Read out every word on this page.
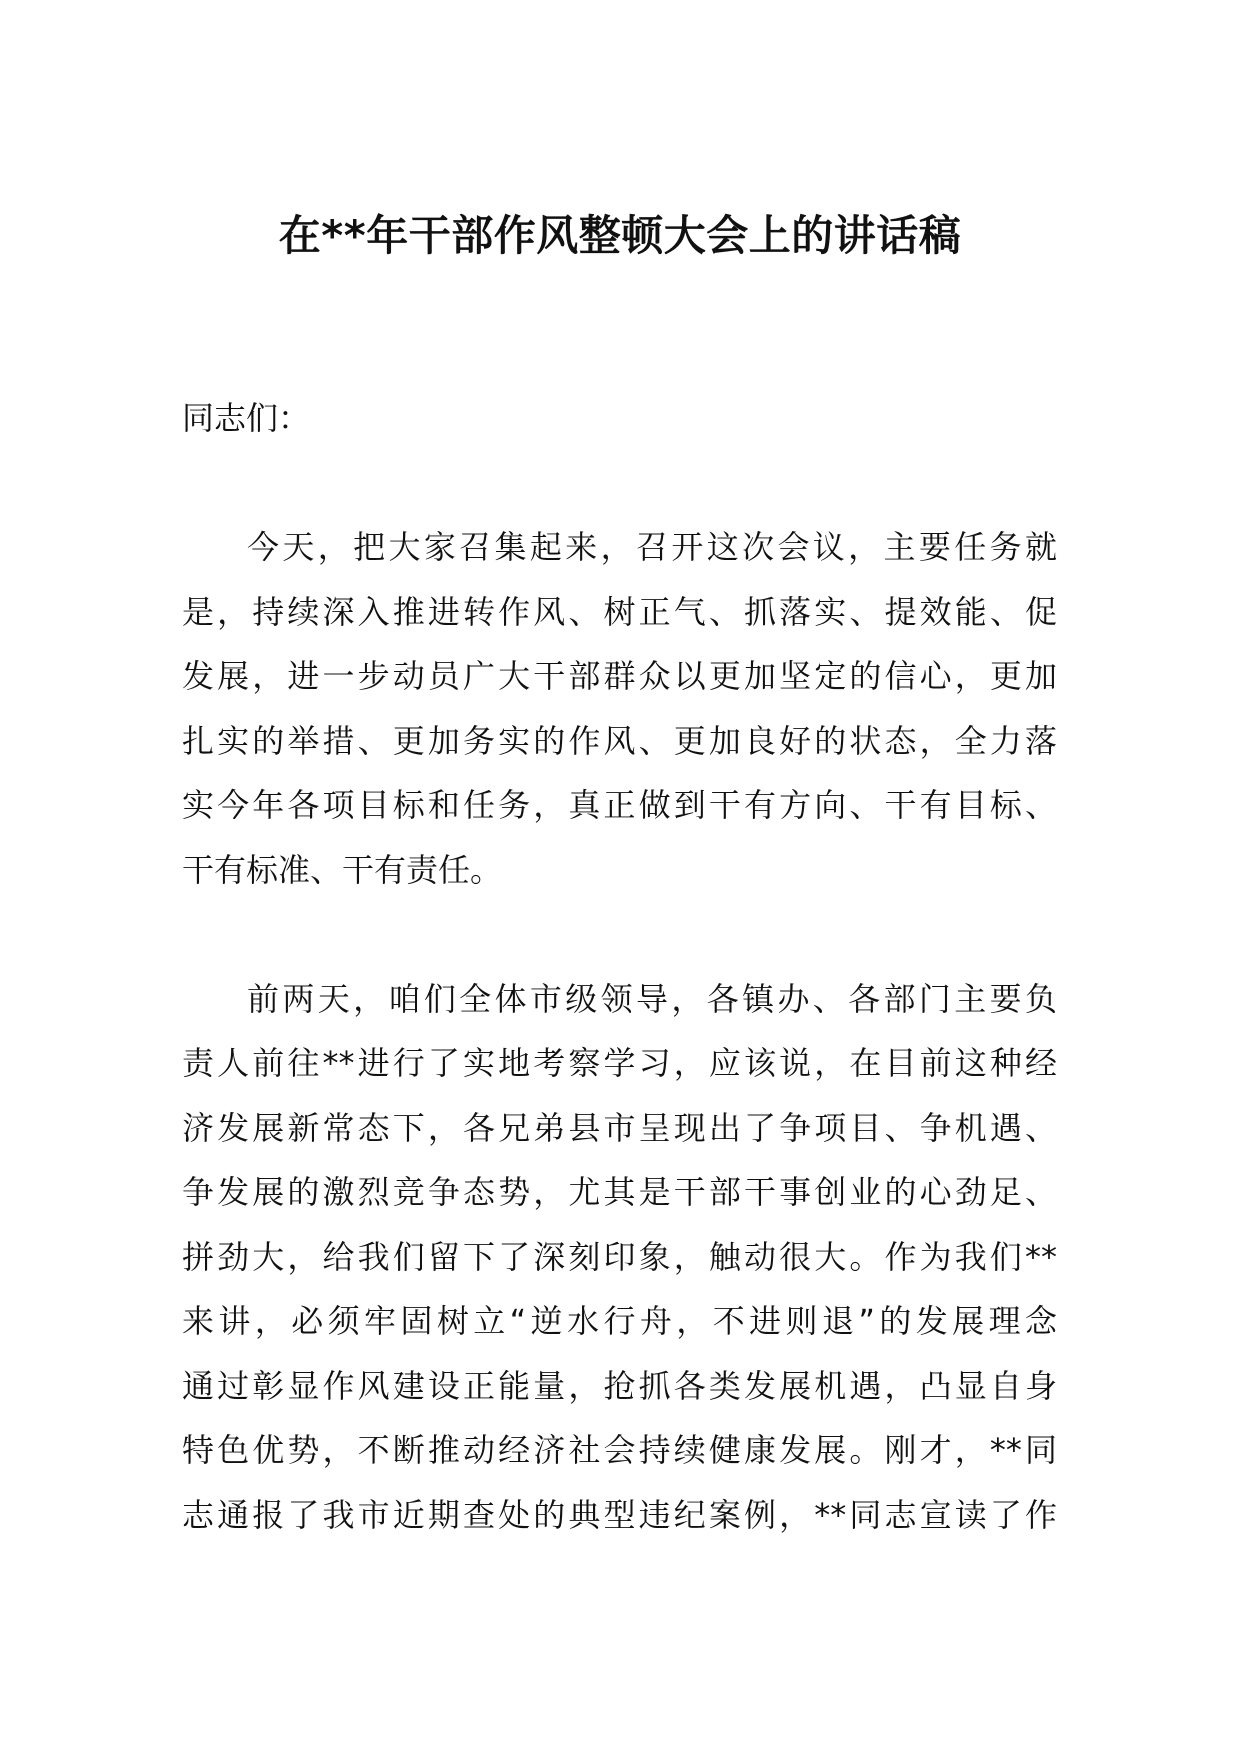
在**年干部作风整顿大会上的讲话稿
同志们：
今天，把大家召集起来，召开这次会议，主要任务就
是，持续深入推进转作风、树正气、抓落实、提效能、促
发展，进一步动员广大干部群众以更加坚定的信心，更加
扎实的举措、更加务实的作风、更加良好的状态，全力落
实今年各项目标和任务，真正做到干有方向、干有目标、
干有标准、干有责任。
前两天，咱们全体市级领导，各镇办、各部门主要负
责人前往**进行了实地考察学习，应该说，在目前这种经
济发展新常态下，各兄弟县市呈现出了争项目、争机遇、
争发展的激烈竞争态势，尤其是干部干事创业的心劲足、
拼劲大，给我们留下了深刻印象，触动很大。作为我们**
来讲，必须牢固树立“逆水行舟，不进则退”的发展理念
通过彰显作风建设正能量，抢抓各类发展机遇，凸显自身
特色优势，不断推动经济社会持续健康发展。刚才，**同
志通报了我市近期查处的典型违纪案例，**同志宣读了作
